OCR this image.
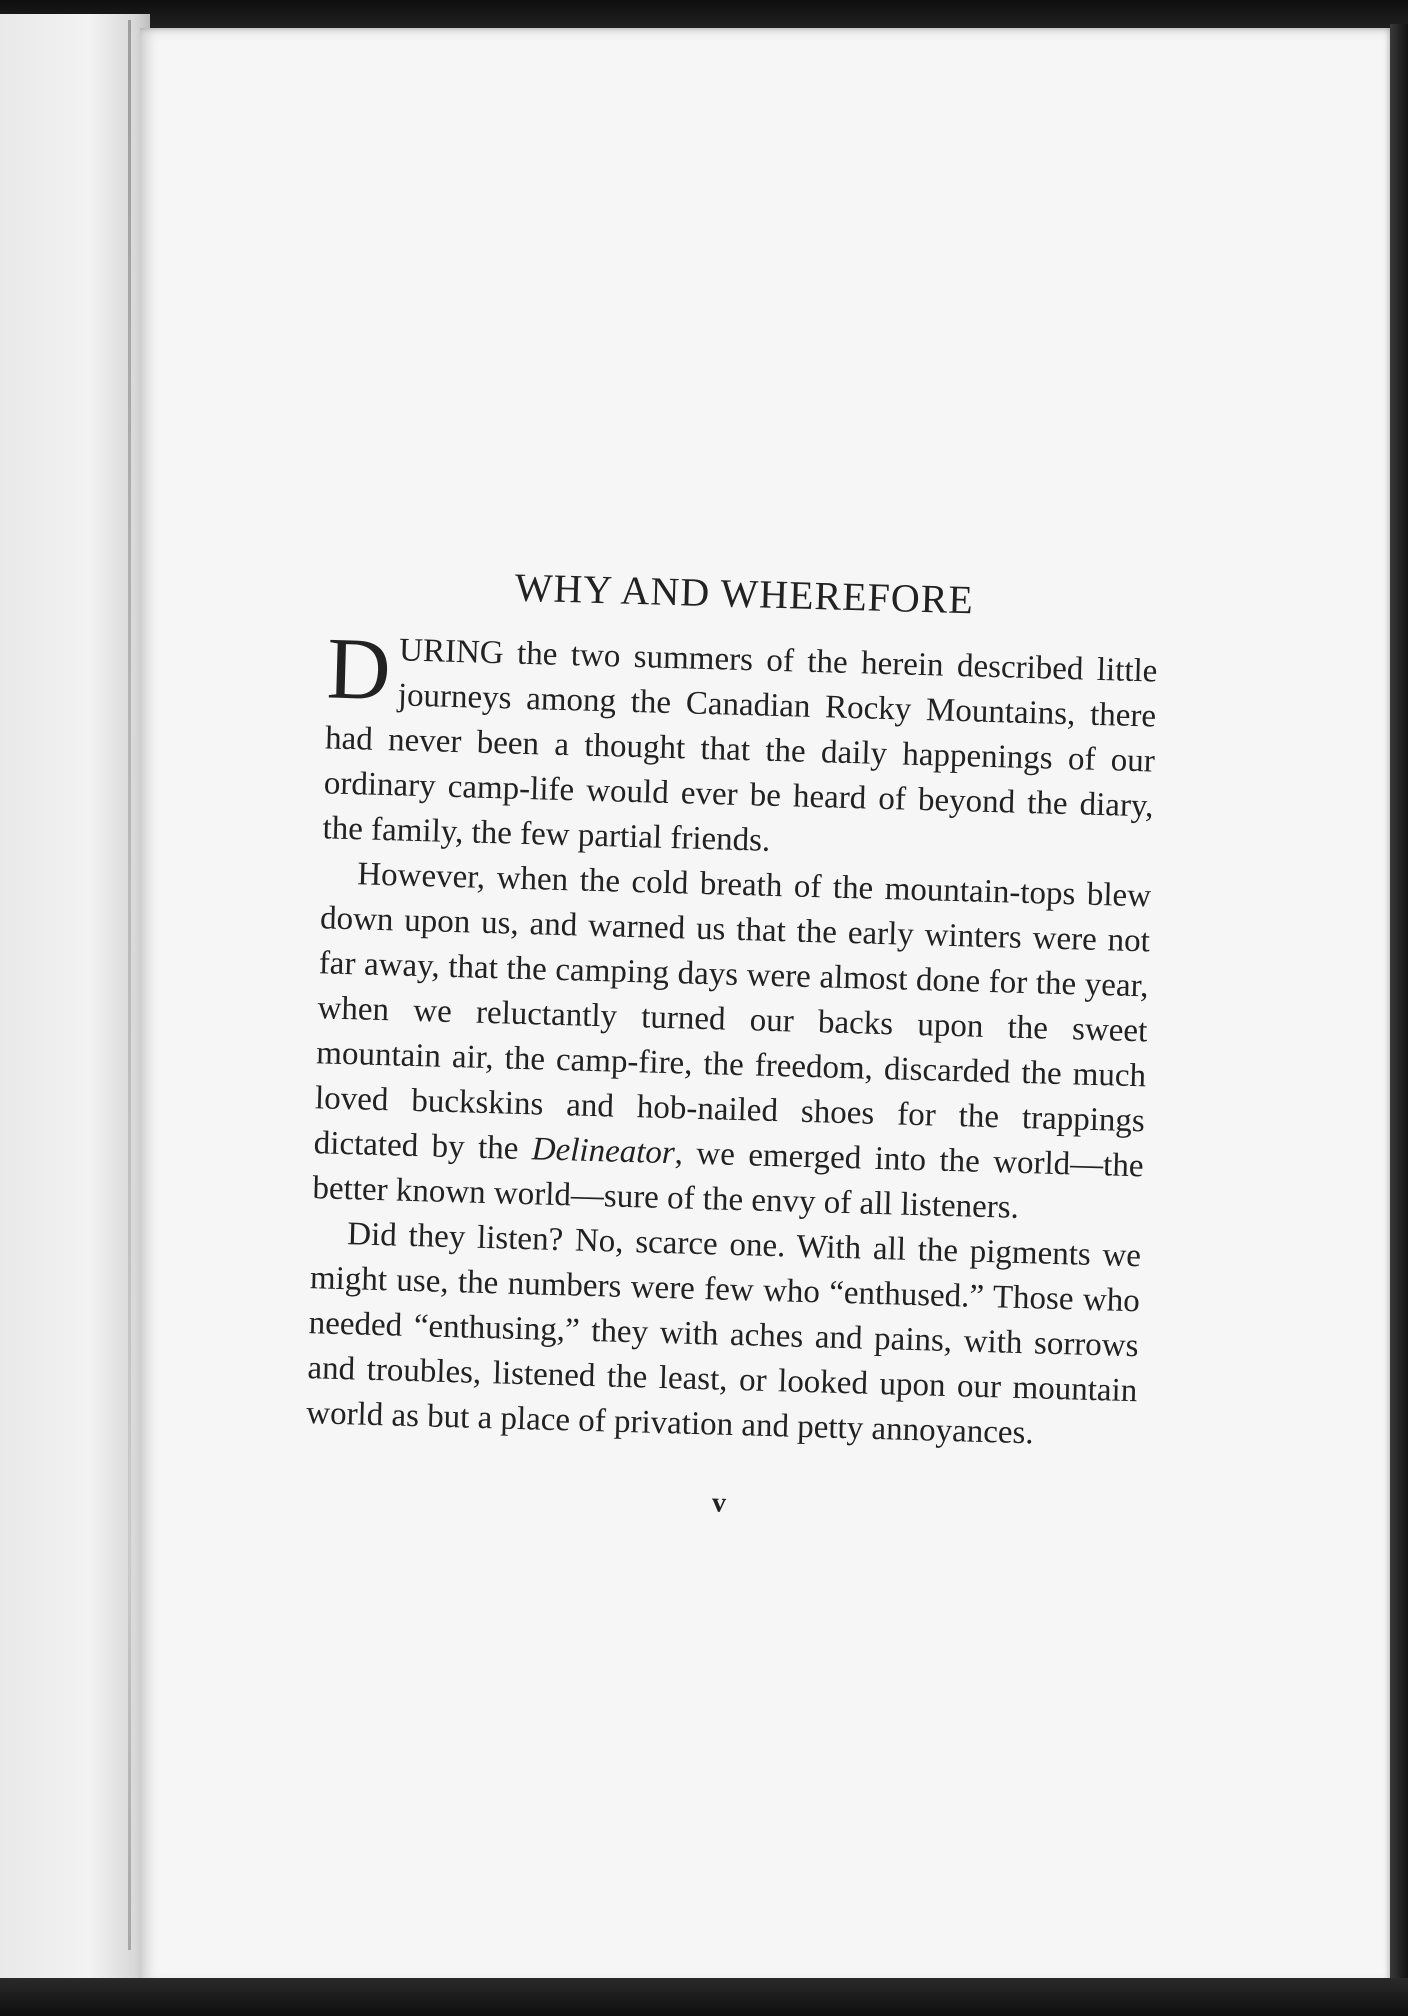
WHY AND WHEREFORE

DURING the two summers of the herein described little journeys among the Canadian Rocky Mountains, there had never been a thought that the daily happenings of our ordinary camp-life would ever be heard of beyond the diary, the family, the few partial friends.

However, when the cold breath of the mountain-tops blew down upon us, and warned us that the early winters were not far away, that the camping days were almost done for the year, when we reluctantly turned our backs upon the sweet mountain air, the camp-fire, the freedom, discarded the much loved buckskins and hob-nailed shoes for the trappings dictated by the Delineator, we emerged into the world—the better known world—sure of the envy of all listeners.

Did they listen? No, scarce one. With all the pigments we might use, the numbers were few who “enthused.” Those who needed “enthusing,” they with aches and pains, with sorrows and troubles, listened the least, or looked upon our mountain world as but a place of privation and petty annoyances.

v
